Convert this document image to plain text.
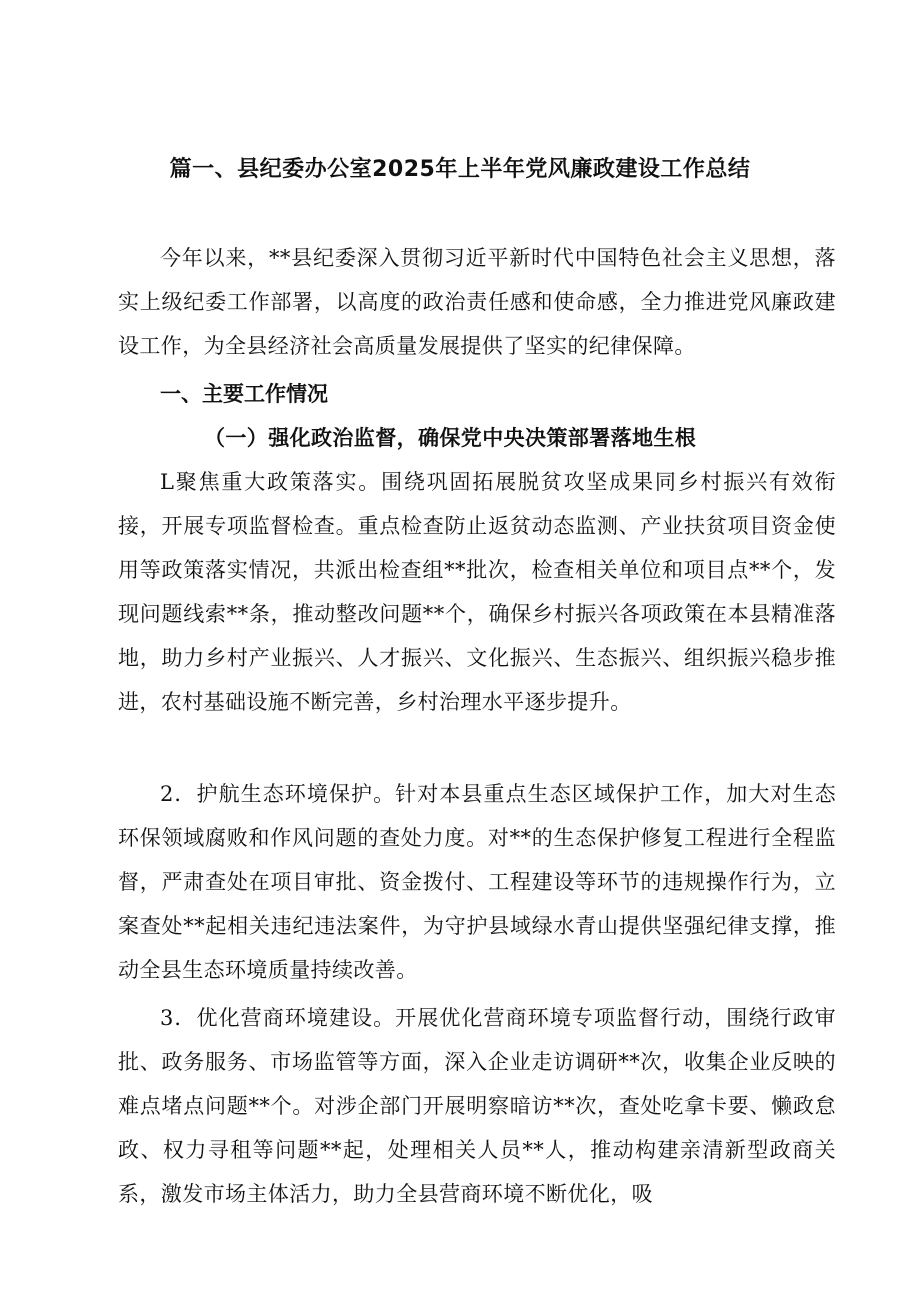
篇一、县纪委办公室2025年上半年党风廉政建设工作总结

今年以来，**县纪委深入贯彻习近平新时代中国特色社会主义思想，落实上级纪委工作部署，以高度的政治责任感和使命感，全力推进党风廉政建设工作，为全县经济社会高质量发展提供了坚实的纪律保障。

一、主要工作情况
（一）强化政治监督，确保党中央决策部署落地生根

L聚焦重大政策落实。围绕巩固拓展脱贫攻坚成果同乡村振兴有效衔接，开展专项监督检查。重点检查防止返贫动态监测、产业扶贫项目资金使用等政策落实情况，共派出检查组**批次，检查相关单位和项目点**个，发现问题线索**条，推动整改问题**个，确保乡村振兴各项政策在本县精准落地，助力乡村产业振兴、人才振兴、文化振兴、生态振兴、组织振兴稳步推进，农村基础设施不断完善，乡村治理水平逐步提升。

2．护航生态环境保护。针对本县重点生态区域保护工作，加大对生态环保领域腐败和作风问题的查处力度。对**的生态保护修复工程进行全程监督，严肃查处在项目审批、资金拨付、工程建设等环节的违规操作行为，立案查处**起相关违纪违法案件，为守护县域绿水青山提供坚强纪律支撑，推动全县生态环境质量持续改善。

3．优化营商环境建设。开展优化营商环境专项监督行动，围绕行政审批、政务服务、市场监管等方面，深入企业走访调研**次，收集企业反映的难点堵点问题**个。对涉企部门开展明察暗访**次，查处吃拿卡要、懒政怠政、权力寻租等问题**起，处理相关人员**人，推动构建亲清新型政商关系，激发市场主体活力，助力全县营商环境不断优化，吸
